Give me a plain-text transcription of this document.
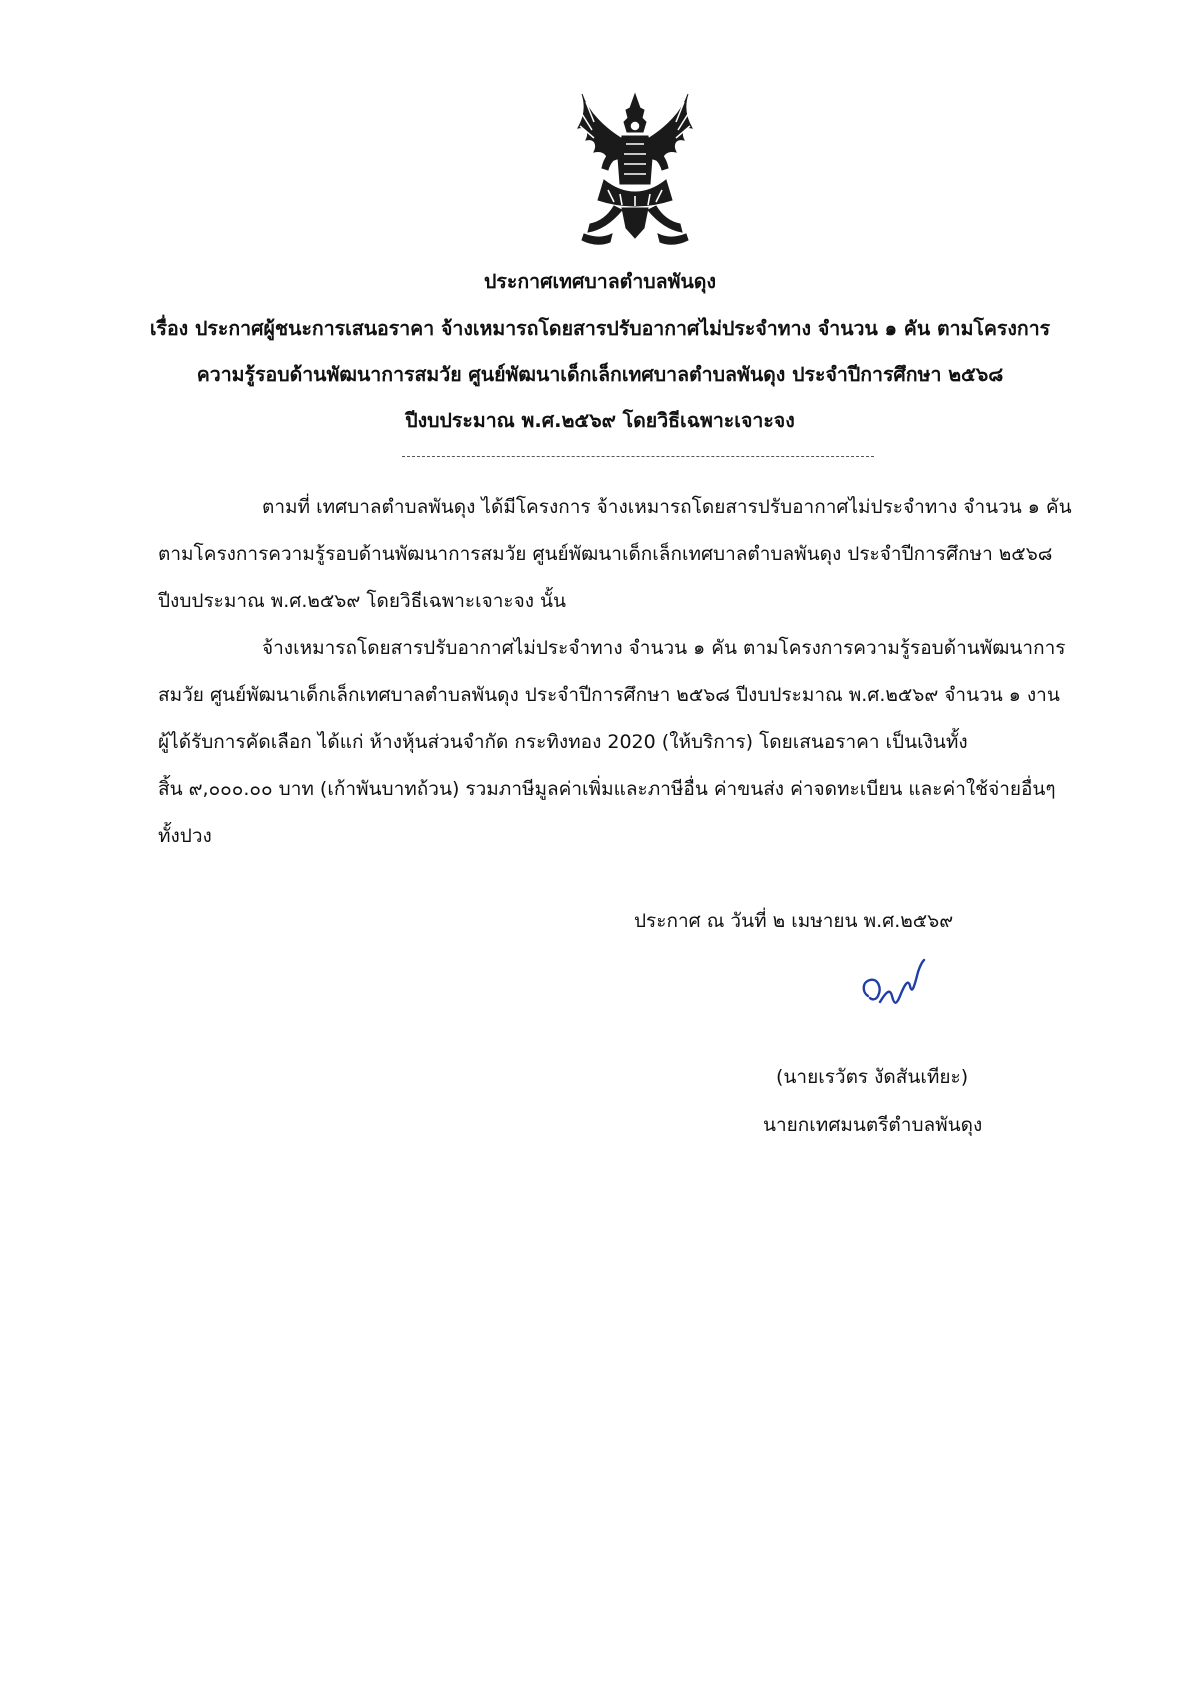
ประกาศเทศบาลตำบลพันดุง
เรื่อง ประกาศผู้ชนะการเสนอราคา จ้างเหมารถโดยสารปรับอากาศไม่ประจำทาง จำนวน ๑ คัน ตามโครงการ
ความรู้รอบด้านพัฒนาการสมวัย ศูนย์พัฒนาเด็กเล็กเทศบาลตำบลพันดุง ประจำปีการศึกษา ๒๕๖๘
ปีงบประมาณ พ.ศ.๒๕๖๙ โดยวิธีเฉพาะเจาะจง
ตามที่ เทศบาลตำบลพันดุง ได้มีโครงการ จ้างเหมารถโดยสารปรับอากาศไม่ประจำทาง จำนวน ๑ คัน
ตามโครงการความรู้รอบด้านพัฒนาการสมวัย ศูนย์พัฒนาเด็กเล็กเทศบาลตำบลพันดุง ประจำปีการศึกษา ๒๕๖๘
ปีงบประมาณ พ.ศ.๒๕๖๙ โดยวิธีเฉพาะเจาะจง นั้น
จ้างเหมารถโดยสารปรับอากาศไม่ประจำทาง จำนวน ๑ คัน ตามโครงการความรู้รอบด้านพัฒนาการ
สมวัย ศูนย์พัฒนาเด็กเล็กเทศบาลตำบลพันดุง ประจำปีการศึกษา ๒๕๖๘ ปีงบประมาณ พ.ศ.๒๕๖๙ จำนวน ๑ งาน
ผู้ได้รับการคัดเลือก ได้แก่ ห้างหุ้นส่วนจำกัด กระทิงทอง 2020 (ให้บริการ) โดยเสนอราคา เป็นเงินทั้ง
สิ้น ๙,๐๐๐.๐๐ บาท (เก้าพันบาทถ้วน) รวมภาษีมูลค่าเพิ่มและภาษีอื่น ค่าขนส่ง ค่าจดทะเบียน และค่าใช้จ่ายอื่นๆ
ทั้งปวง
ประกาศ ณ วันที่ ๒ เมษายน พ.ศ.๒๕๖๙
(นายเรวัตร งัดสันเทียะ)
นายกเทศมนตรีตำบลพันดุง
